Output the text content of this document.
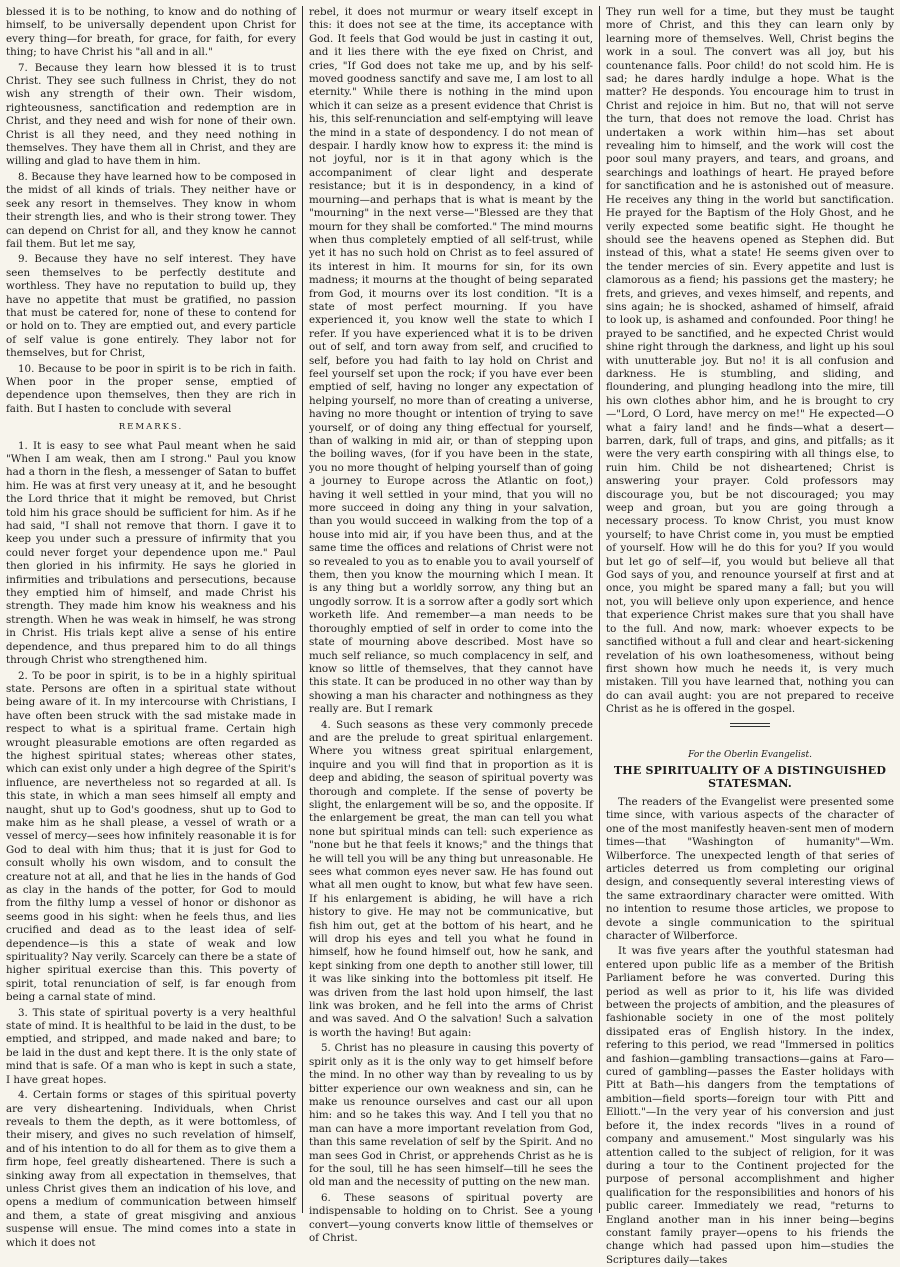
blessed it is to be nothing, to know and do nothing of himself, to be universally dependent upon Christ for every thing—for breath, for grace, for faith, for every thing; to have Christ his "all and in all."

7. Because they learn how blessed it is to trust Christ. They see such fullness in Christ, they do not wish any strength of their own. Their wisdom, righteousness, sanctification and redemption are in Christ, and they need and wish for none of their own. Christ is all they need, and they need nothing in themselves. They have them all in Christ, and they are willing and glad to have them in him.

8. Because they have learned how to be composed in the midst of all kinds of trials. They neither have or seek any resort in themselves. They know in whom their strength lies, and who is their strong tower. They can depend on Christ for all, and they know he cannot fail them. But let me say,

9. Because they have no self interest. They have seen themselves to be perfectly destitute and worthless. They have no reputation to build up, they have no appetite that must be gratified, no passion that must be catered for, none of these to contend for or hold on to. They are emptied out, and every particle of self value is gone entirely. They labor not for themselves, but for Christ,

10. Because to be poor in spirit is to be rich in faith. When poor in the proper sense, emptied of dependence upon themselves, then they are rich in faith. But I hasten to conclude with several

REMARKS.

1. It is easy to see what Paul meant when he said "When I am weak, then am I strong." Paul you know had a thorn in the flesh, a messenger of Satan to buffet him. He was at first very uneasy at it, and he besought the Lord thrice that it might be removed, but Christ told him his grace should be sufficient for him. As if he had said, "I shall not remove that thorn. I gave it to keep you under such a pressure of infirmity that you could never forget your dependence upon me." Paul then gloried in his infirmity. He says he gloried in infirmities and tribulations and persecutions, because they emptied him of himself, and made Christ his strength. They made him know his weakness and his strength. When he was weak in himself, he was strong in Christ. His trials kept alive a sense of his entire dependence, and thus prepared him to do all things through Christ who strengthened him.

2. To be poor in spirit, is to be in a highly spiritual state. Persons are often in a spiritual state without being aware of it. In my intercourse with Christians, I have often been struck with the sad mistake made in respect to what is a spiritual frame. Certain high wrought pleasurable emotions are often regarded as the highest spiritual states; whereas other states, which can exist only under a high degree of the Spirit's influence, are nevertheless not so regarded at all. Is this state, in which a man sees himself all empty and naught, shut up to God's goodness, shut up to God to make him as he shall please, a vessel of wrath or a vessel of mercy—sees how infinitely reasonable it is for God to deal with him thus; that it is just for God to consult wholly his own wisdom, and to consult the creature not at all, and that he lies in the hands of God as clay in the hands of the potter, for God to mould from the filthy lump a vessel of honor or dishonor as seems good in his sight: when he feels thus, and lies crucified and dead as to the least idea of self-dependence—is this a state of weak and low spirituality? Nay verily. Scarcely can there be a state of higher spiritual exercise than this. This poverty of spirit, total renunciation of self, is far enough from being a carnal state of mind.

3. This state of spiritual poverty is a very healthful state of mind. It is healthful to be laid in the dust, to be emptied, and stripped, and made naked and bare; to be laid in the dust and kept there. It is the only state of mind that is safe. Of a man who is kept in such a state, I have great hopes.

4. Certain forms or stages of this spiritual poverty are very disheartening. Individuals, when Christ reveals to them the depth, as it were bottomless, of their misery, and gives no such revelation of himself, and of his intention to do all for them as to give them a firm hope, feel greatly disheartened. There is such a sinking away from all expectation in themselves, that unless Christ gives them an indication of his love, and opens a medium of communication between himself and them, a state of great misgiving and anxious suspense will ensue. The mind comes into a state in which it does not

rebel, it does not murmur or weary itself except in this: it does not see at the time, its acceptance with God. It feels that God would be just in casting it out, and it lies there with the eye fixed on Christ, and cries, "If God does not take me up, and by his self-moved goodness sanctify and save me, I am lost to all eternity." While there is nothing in the mind upon which it can seize as a present evidence that Christ is his, this self-renunciation and self-emptying will leave the mind in a state of despondency. I do not mean of despair. I hardly know how to express it: the mind is not joyful, nor is it in that agony which is the accompaniment of clear light and desperate resistance; but it is in despondency, in a kind of mourning—and perhaps that is what is meant by the "mourning" in the next verse—"Blessed are they that mourn for they shall be comforted." The mind mourns when thus completely emptied of all self-trust, while yet it has no such hold on Christ as to feel assured of its interest in him. It mourns for sin, for its own madness; it mourns at the thought of being separated from God, it mourns over its lost condition. "It is a state of most perfect mourning. If you have experienced it, you know well the state to which I refer. If you have experienced what it is to be driven out of self, and torn away from self, and crucified to self, before you had faith to lay hold on Christ and feel yourself set upon the rock; if you have ever been emptied of self, having no longer any expectation of helping yourself, no more than of creating a universe, having no more thought or intention of trying to save yourself, or of doing any thing effectual for yourself, than of walking in mid air, or than of stepping upon the boiling waves, (for if you have been in the state, you no more thought of helping yourself than of going a journey to Europe across the Atlantic on foot,) having it well settled in your mind, that you will no more succeed in doing any thing in your salvation, than you would succeed in walking from the top of a house into mid air, if you have been thus, and at the same time the offices and relations of Christ were not so revealed to you as to enable you to avail yourself of them, then you know the mourning which I mean. It is any thing but a worldly sorrow, any thing but an ungodly sorrow. It is a sorrow after a godly sort which worketh life. And remember—a man needs to be thoroughly emptied of self in order to come into the state of mourning above described. Most have so much self reliance, so much complacency in self, and know so little of themselves, that they cannot have this state. It can be produced in no other way than by showing a man his character and nothingness as they really are. But I remark

4. Such seasons as these very commonly precede and are the prelude to great spiritual enlargement. Where you witness great spiritual enlargement, inquire and you will find that in proportion as it is deep and abiding, the season of spiritual poverty was thorough and complete. If the sense of poverty be slight, the enlargement will be so, and the opposite. If the enlargement be great, the man can tell you what none but spiritual minds can tell: such experience as "none but he that feels it knows;" and the things that he will tell you will be any thing but unreasonable. He sees what common eyes never saw. He has found out what all men ought to know, but what few have seen. If his enlargement is abiding, he will have a rich history to give. He may not be communicative, but fish him out, get at the bottom of his heart, and he will drop his eyes and tell you what he found in himself, how he found himself out, how he sank, and kept sinking from one depth to another still lower, till it was like sinking into the bottomless pit itself. He was driven from the last hold upon himself, the last link was broken, and he fell into the arms of Christ and was saved. And O the salvation! Such a salvation is worth the having! But again:

5. Christ has no pleasure in causing this poverty of spirit only as it is the only way to get himself before the mind. In no other way than by revealing to us by bitter experience our own weakness and sin, can he make us renounce ourselves and cast our all upon him: and so he takes this way. And I tell you that no man can have a more important revelation from God, than this same revelation of self by the Spirit. And no man sees God in Christ, or apprehends Christ as he is for the soul, till he has seen himself—till he sees the old man and the necessity of putting on the new man.

6. These seasons of spiritual poverty are indispensable to holding on to Christ. See a young convert—young converts know little of themselves or of Christ.

They run well for a time, but they must be taught more of Christ, and this they can learn only by learning more of themselves. Well, Christ begins the work in a soul. The convert was all joy, but his countenance falls. Poor child! do not scold him. He is sad; he dares hardly indulge a hope. What is the matter? He desponds. You encourage him to trust in Christ and rejoice in him. But no, that will not serve the turn, that does not remove the load. Christ has undertaken a work within him—has set about revealing him to himself, and the work will cost the poor soul many prayers, and tears, and groans, and searchings and loathings of heart. He prayed before for sanctification and he is astonished out of measure. He receives any thing in the world but sanctification. He prayed for the Baptism of the Holy Ghost, and he verily expected some beatific sight. He thought he should see the heavens opened as Stephen did. But instead of this, what a state! He seems given over to the tender mercies of sin. Every appetite and lust is clamorous as a fiend; his passions get the mastery; he frets, and grieves, and vexes himself, and repents, and sins again; he is shocked, ashamed of himself, afraid to look up, is ashamed and confounded. Poor thing! he prayed to be sanctified, and he expected Christ would shine right through the darkness, and light up his soul with unutterable joy. But no! it is all confusion and darkness. He is stumbling, and sliding, and floundering, and plunging headlong into the mire, till his own clothes abhor him, and he is brought to cry—"Lord, O Lord, have mercy on me!" He expected—O what a fairy land! and he finds—what a desert—barren, dark, full of traps, and gins, and pitfalls; as it were the very earth conspiring with all things else, to ruin him. Child be not disheartened; Christ is answering your prayer. Cold professors may discourage you, but be not discouraged; you may weep and groan, but you are going through a necessary process. To know Christ, you must know yourself; to have Christ come in, you must be emptied of yourself. How will he do this for you? If you would but let go of self—if, you would but believe all that God says of you, and renounce yourself at first and at once, you might be spared many a fall; but you will not, you will believe only upon experience, and hence that experience Christ makes sure that you shall have to the full. And now, mark: whoever expects to be sanctified without a full and clear and heart-sickening revelation of his own loathesomeness, without being first shown how much he needs it, is very much mistaken. Till you have learned that, nothing you can do can avail aught: you are not prepared to receive Christ as he is offered in the gospel.

For the Oberlin Evangelist.

THE SPIRITUALITY OF A DISTINGUISHED STATESMAN.

The readers of the Evangelist were presented some time since, with various aspects of the character of one of the most manifestly heaven-sent men of modern times—that "Washington of humanity"—Wm. Wilberforce. The unexpected length of that series of articles deterred us from completing our original design, and consequently several interesting views of the same extraordinary character were omitted. With no intention to resume those articles, we propose to devote a single communication to the spiritual character of Wilberforce.

It was five years after the youthful statesman had entered upon public life as a member of the British Parliament before he was converted. During this period as well as prior to it, his life was divided between the projects of ambition, and the pleasures of fashionable society in one of the most politely dissipated eras of English history. In the index, refering to this period, we read "Immersed in politics and fashion—gambling transactions—gains at Faro—cured of gambling—passes the Easter holidays with Pitt at Bath—his dangers from the temptations of ambition—field sports—foreign tour with Pitt and Elliott."—In the very year of his conversion and just before it, the index records "lives in a round of company and amusement." Most singularly was his attention called to the subject of religion, for it was during a tour to the Continent projected for the purpose of personal accomplishment and higher qualification for the responsibilities and honors of his public career. Immediately we read, "returns to England another man in his inner being—begins constant family prayer—opens to his friends the change which had passed upon him—studies the Scriptures daily—takes
